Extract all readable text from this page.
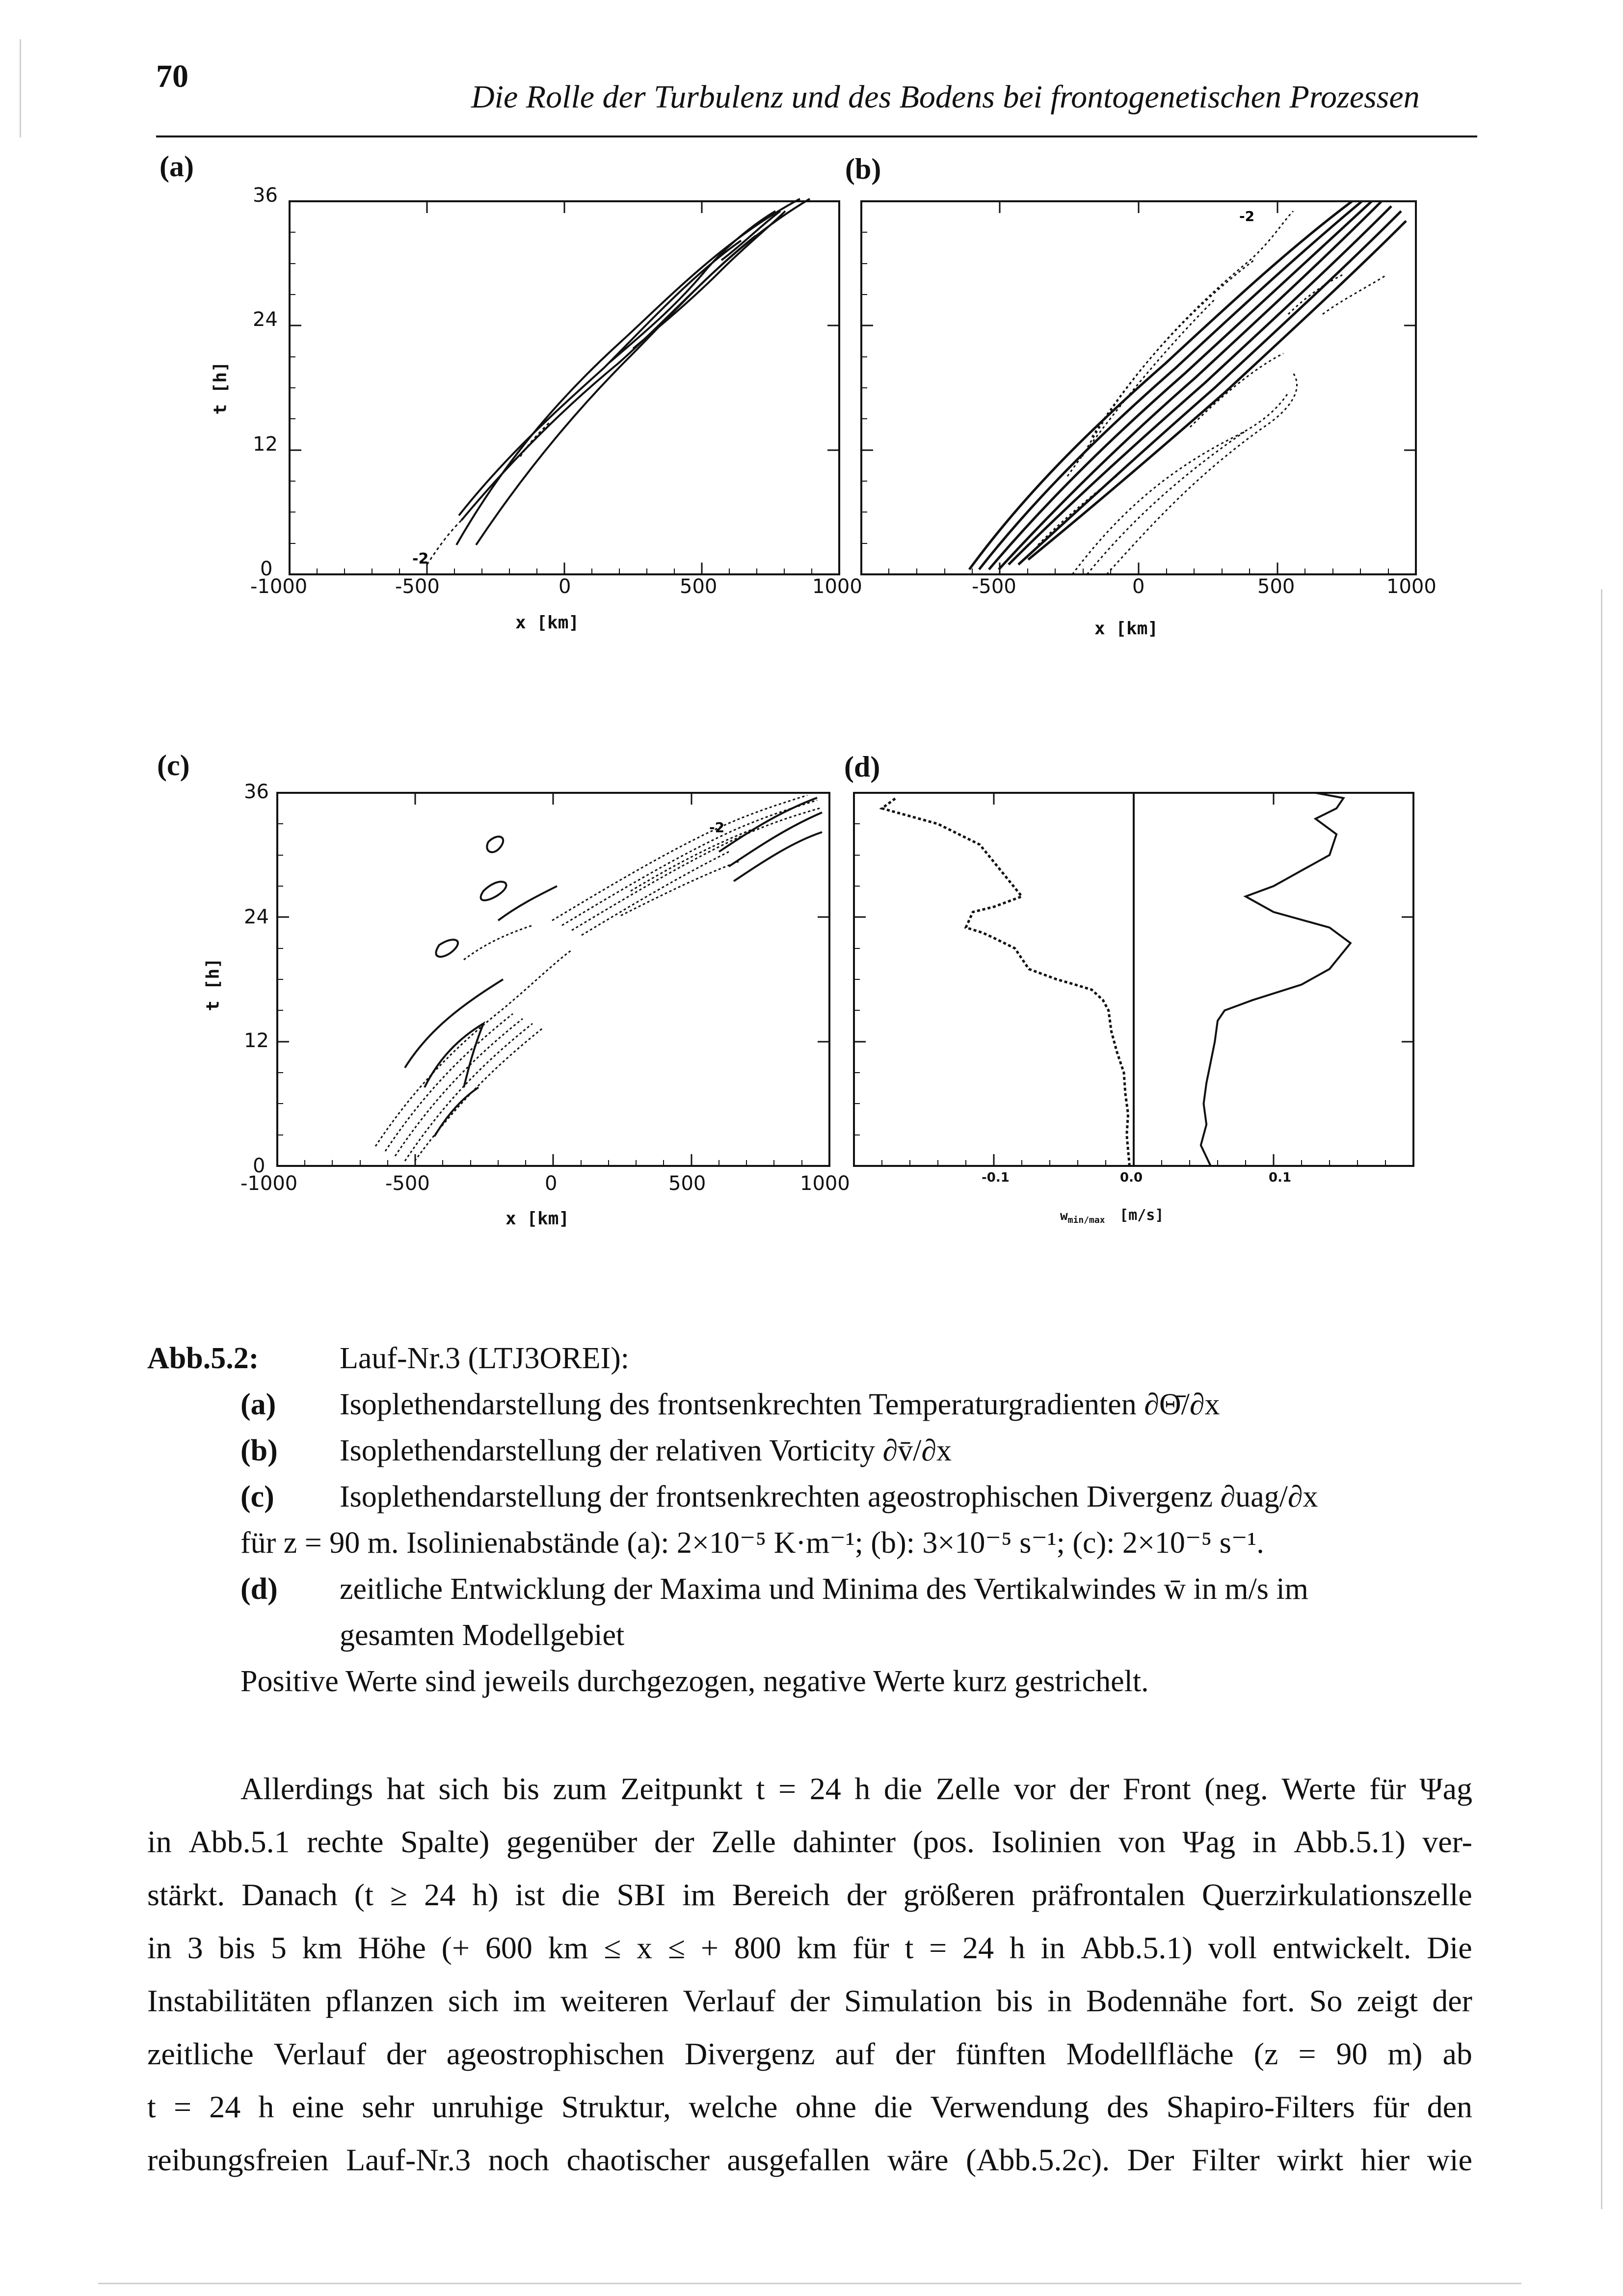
70
Die Rolle der Turbulenz und des Bodens bei frontogenetischen Prozessen
(a)	(b)
(c)	(d)
-2
36
24
12
0
-1000	-500	0	500	1000
x [km]
t [h]
-2
-500	0	500	1000
x [km]
-2
36
24
12
0
-1000	-500	0	500	1000
x [km]
t [h]
-0.1	0.0	0.1
$w_{min/max}$ [m/s]
Abb.5.2:	Lauf-Nr.3 (LTJ3OREI):
(a) Isoplethendarstellung des frontsenkrechten Temperaturgradienten ∂Θ̄/∂x
(b) Isoplethendarstellung der relativen Vorticity ∂v̄/∂x
(c) Isoplethendarstellung der frontsenkrechten ageostrophischen Divergenz ∂uag/∂x
für z = 90 m. Isolinienabstände (a): 2×10⁻⁵ K·m⁻¹; (b): 3×10⁻⁵ s⁻¹; (c): 2×10⁻⁵ s⁻¹.
(d) zeitliche Entwicklung der Maxima und Minima des Vertikalwindes w̄ in m/s im
gesamten Modellgebiet
Positive Werte sind jeweils durchgezogen, negative Werte kurz gestrichelt.
Allerdings hat sich bis zum Zeitpunkt t = 24 h die Zelle vor der Front (neg. Werte für Ψag
in Abb.5.1 rechte Spalte) gegenüber der Zelle dahinter (pos. Isolinien von Ψag in Abb.5.1) ver-
stärkt. Danach (t ≥ 24 h) ist die SBI im Bereich der größeren präfrontalen Querzirkulationszelle
in 3 bis 5 km Höhe (+ 600 km ≤ x ≤ + 800 km für t = 24 h in Abb.5.1) voll entwickelt. Die
Instabilitäten pflanzen sich im weiteren Verlauf der Simulation bis in Bodennähe fort. So zeigt der
zeitliche Verlauf der ageostrophischen Divergenz auf der fünften Modellfläche (z = 90 m) ab
t = 24 h eine sehr unruhige Struktur, welche ohne die Verwendung des Shapiro-Filters für den
reibungsfreien Lauf-Nr.3 noch chaotischer ausgefallen wäre (Abb.5.2c). Der Filter wirkt hier wie
